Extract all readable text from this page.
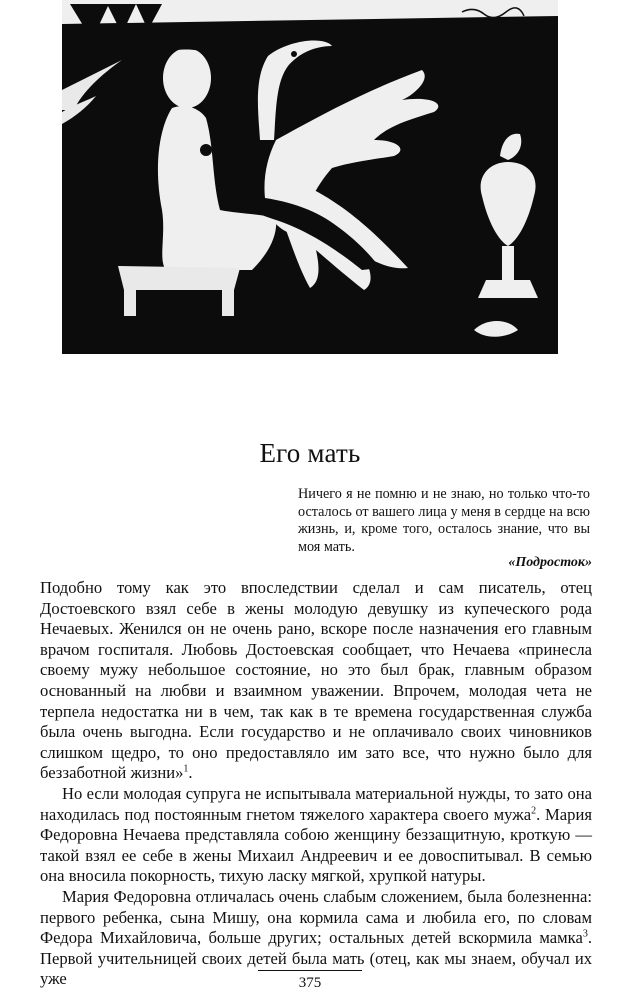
Его мать
Ничего я не помню и не знаю, но только что-то осталось от вашего лица у меня в сердце на всю жизнь, и, кроме того, осталось знание, что вы моя мать.
«Подросток»

Подобно тому как это впоследствии сделал и сам писатель, отец Достоевского взял себе в жены молодую девушку из купеческого рода Нечаевых. Женился он не очень рано, вскоре после назначения его главным врачом госпиталя. Любовь Достоевская сообщает, что Нечаева «принесла своему мужу небольшое состояние, но это был брак, главным образом основанный на любви и взаимном уважении. Впрочем, молодая чета не терпела недостатка ни в чем, так как в те времена государственная служба была очень выгодна. Если государство и не оплачивало своих чиновников слишком щедро, то оно предоставляло им зато все, что нужно было для беззаботной жизни»$^1$.

Но если молодая супруга не испытывала материальной нужды, то зато она находилась под постоянным гнетом тяжелого характера своего мужа$^2$. Мария Федоровна Нечаева представляла собою женщину беззащитную, кроткую — такой взял ее себе в жены Михаил Андреевич и ее довоспитывал. В семью она вносила покорность, тихую ласку мягкой, хрупкой натуры.

Мария Федоровна отличалась очень слабым сложением, была болезненна: первого ребенка, сына Мишу, она кормила сама и любила его, по словам Федора Михайловича, больше других; остальных детей вскормила мамка$^3$. Первой учительницей своих детей была мать (отец, как мы знаем, обучал их уже	375
